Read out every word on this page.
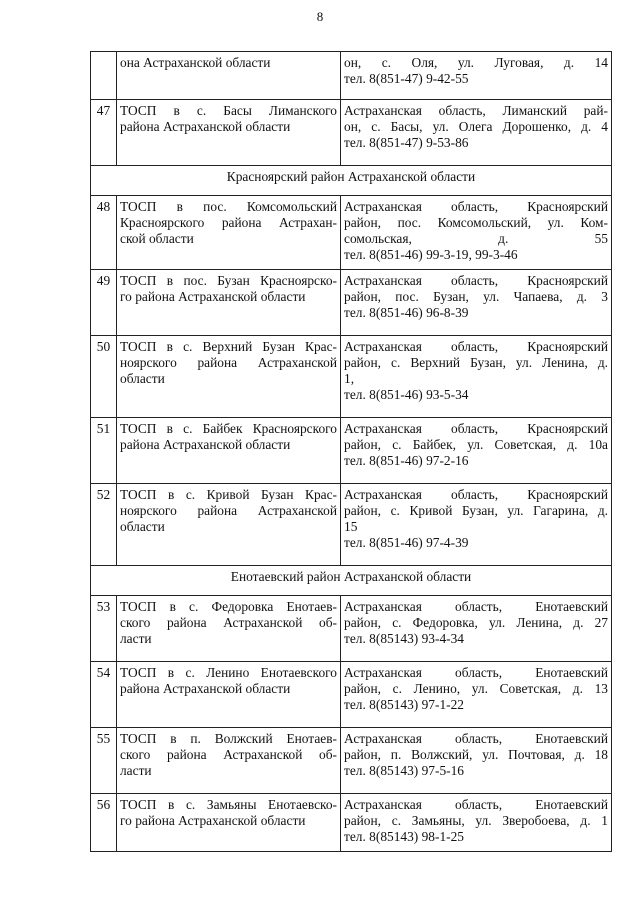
8

	она Астраханской области	он, с. Оля, ул. Луговая, д. 14
тел. 8(851-47) 9-42-55

47	ТОСП в с. Басы Лиманского
района Астраханской области	Астраханская область, Лиманский рай-
он, с. Басы, ул. Олега Дорошенко, д. 4
тел. 8(851-47) 9-53-86

Красноярский район Астраханской области		
48	ТОСП в пос. Комсомольский
Красноярского района Астрахан-
ской области	Астраханская область, Красноярский
район, пос. Комсомольский, ул. Ком-
сомольская, д. 55
тел. 8(851-46) 99-3-19, 99-3-46

49	ТОСП в пос. Бузан Красноярско-
го района Астраханской области	Астраханская область, Красноярский
район, пос. Бузан, ул. Чапаева, д. 3
тел. 8(851-46) 96-8-39

50	ТОСП в с. Верхний Бузан Крас-
ноярского района Астраханской
области	Астраханская область, Красноярский
район, с. Верхний Бузан, ул. Ленина, д.
1,
тел. 8(851-46) 93-5-34

51	ТОСП в с. Байбек Красноярского
района Астраханской области	Астраханская область, Красноярский
район, с. Байбек, ул. Советская, д. 10а
тел. 8(851-46) 97-2-16

52	ТОСП в с. Кривой Бузан Крас-
ноярского района Астраханской
области	Астраханская область, Красноярский
район, с. Кривой Бузан, ул. Гагарина, д.
15
тел. 8(851-46) 97-4-39

Енотаевский район Астраханской области		
53	ТОСП в с. Федоровка Енотаев-
ского района Астраханской об-
ласти	Астраханская область, Енотаевский
район, с. Федоровка, ул. Ленина, д. 27
тел. 8(85143) 93-4-34

54	ТОСП в с. Ленино Енотаевского
района Астраханской области	Астраханская область, Енотаевский
район, с. Ленино, ул. Советская, д. 13
тел. 8(85143) 97-1-22

55	ТОСП в п. Волжский Енотаев-
ского района Астраханской об-
ласти	Астраханская область, Енотаевский
район, п. Волжский, ул. Почтовая, д. 18
тел. 8(85143) 97-5-16

56	ТОСП в с. Замьяны Енотаевско-
го района Астраханской области	Астраханская область, Енотаевский
район, с. Замьяны, ул. Зверобоева, д. 1
тел. 8(85143) 98-1-25
